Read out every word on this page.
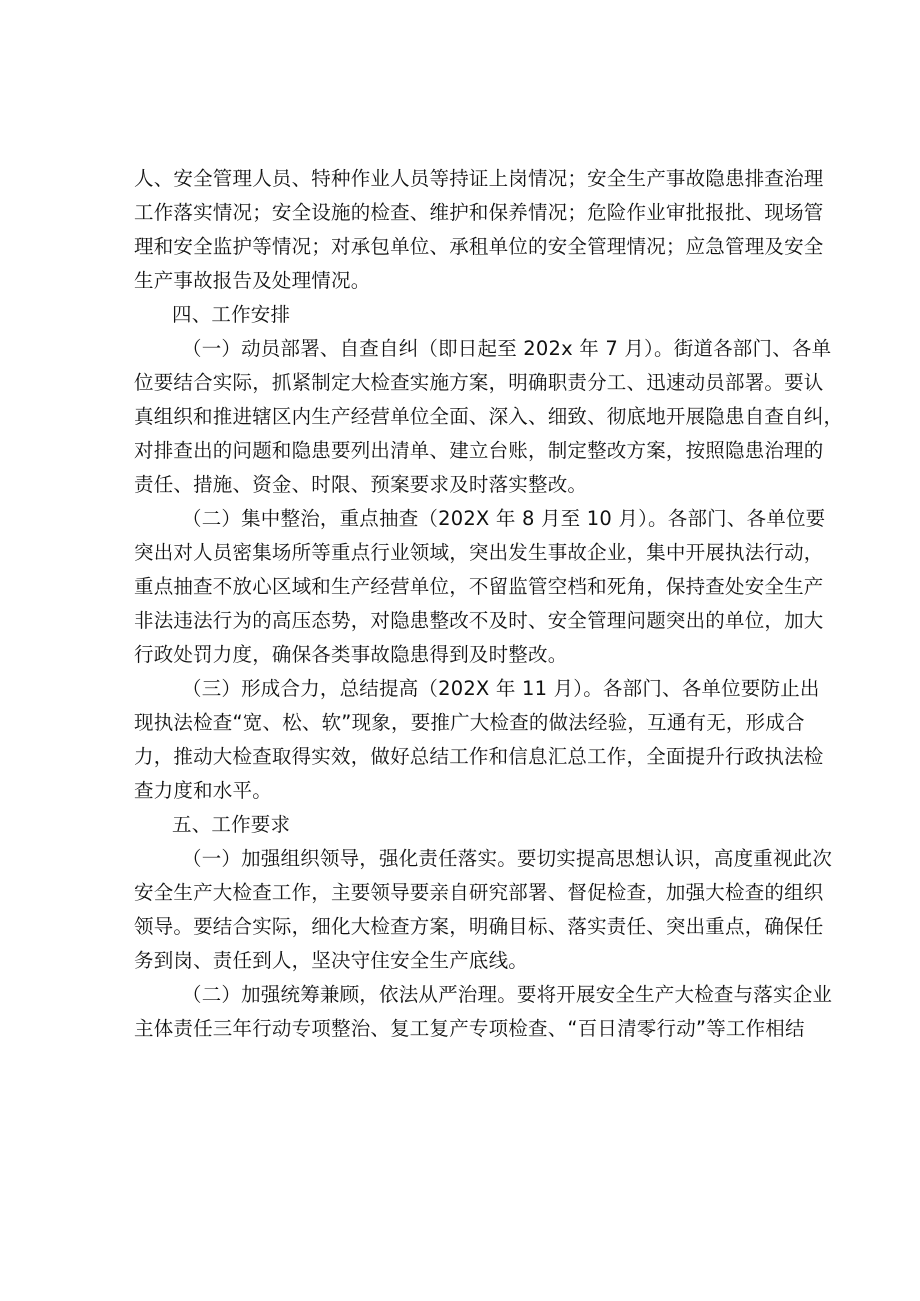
人、安全管理人员、特种作业人员等持证上岗情况；安全生产事故隐患排查治理
工作落实情况；安全设施的检查、维护和保养情况；危险作业审批报批、现场管
理和安全监护等情况；对承包单位、承租单位的安全管理情况；应急管理及安全
生产事故报告及处理情况。
四、工作安排
（一）动员部署、自查自纠（即日起至 202x 年 7 月）。街道各部门、各单
位要结合实际，抓紧制定大检查实施方案，明确职责分工、迅速动员部署。要认
真组织和推进辖区内生产经营单位全面、深入、细致、彻底地开展隐患自查自纠，
对排查出的问题和隐患要列出清单、建立台账，制定整改方案，按照隐患治理的
责任、措施、资金、时限、预案要求及时落实整改。
（二）集中整治，重点抽查（202X 年 8 月至 10 月）。各部门、各单位要
突出对人员密集场所等重点行业领域，突出发生事故企业，集中开展执法行动，
重点抽查不放心区域和生产经营单位，不留监管空档和死角，保持查处安全生产
非法违法行为的高压态势，对隐患整改不及时、安全管理问题突出的单位，加大
行政处罚力度，确保各类事故隐患得到及时整改。
（三）形成合力，总结提高（202X 年 11 月）。各部门、各单位要防止出
现执法检查“宽、松、软”现象，要推广大检查的做法经验，互通有无，形成合
力，推动大检查取得实效，做好总结工作和信息汇总工作，全面提升行政执法检
查力度和水平。
五、工作要求
（一）加强组织领导，强化责任落实。要切实提高思想认识，高度重视此次
安全生产大检查工作，主要领导要亲自研究部署、督促检查，加强大检查的组织
领导。要结合实际，细化大检查方案，明确目标、落实责任、突出重点，确保任
务到岗、责任到人，坚决守住安全生产底线。
（二）加强统筹兼顾，依法从严治理。要将开展安全生产大检查与落实企业
主体责任三年行动专项整治、复工复产专项检查、“百日清零行动”等工作相结
